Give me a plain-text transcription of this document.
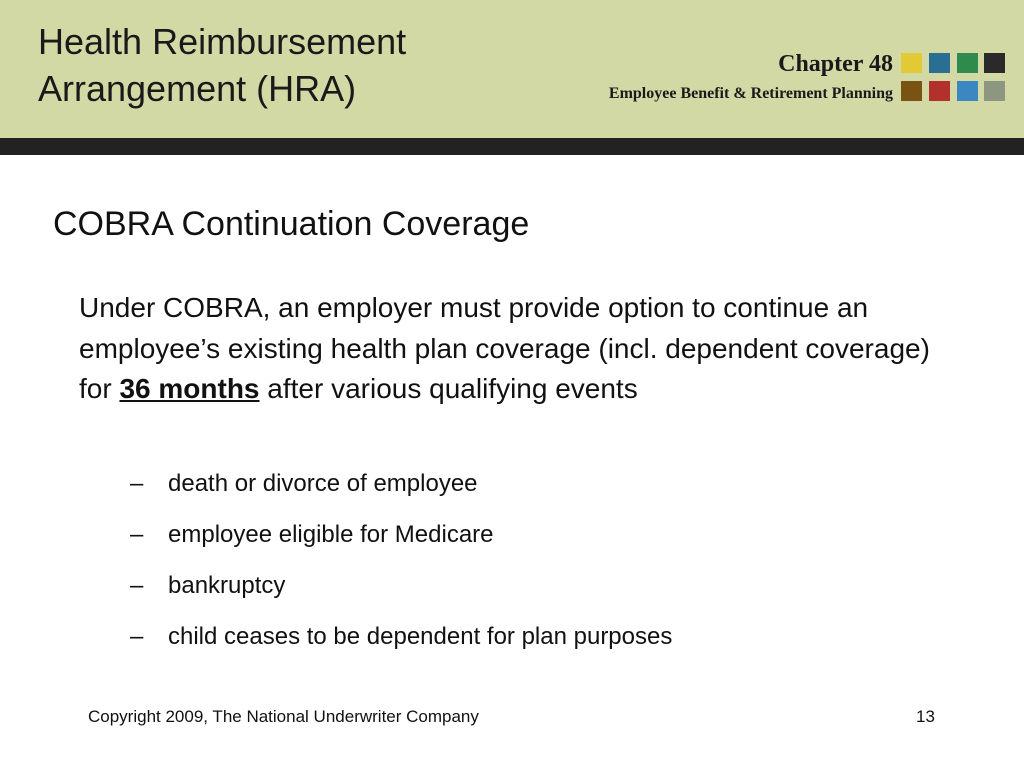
Health Reimbursement
Arrangement (HRA)
Chapter 48
Employee Benefit & Retirement Planning
COBRA Continuation Coverage
Under COBRA, an employer must provide option to continue an employee’s existing health plan coverage (incl. dependent coverage) for 36 months after various qualifying events
– death or divorce of employee
– employee eligible for Medicare
– bankruptcy
– child ceases to be dependent for plan purposes
Copyright 2009, The National Underwriter Company	13
